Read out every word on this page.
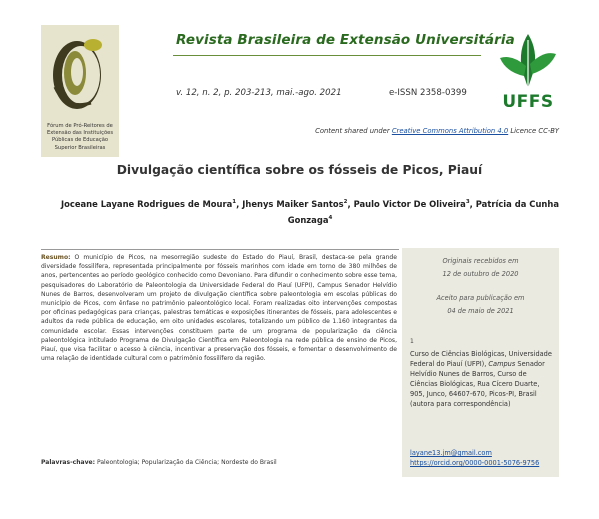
Fórum de Pró-Reitores de Extensão das Instituições Públicas de Educação Superior Brasileiras
Revista Brasileira de Extensão Universitária
v. 12, n. 2, p. 203-213, mai.-ago. 2021	e-ISSN 2358-0399	UFFS
Content shared under Creative Commons Attribution 4.0 Licence CC-BY
Divulgação científica sobre os fósseis de Picos, Piauí
Joceane Layane Rodrigues de Moura$^1$, Jhenys Maiker Santos$^2$, Paulo Victor De Oliveira$^3$, Patrícia da Cunha Gonzaga$^4$
Resumo: O município de Picos, na mesorregião sudeste do Estado do Piauí, Brasil, destaca-se pela grande diversidade fossilífera, representada principalmente por fósseis marinhos com idade em torno de 380 milhões de anos, pertencentes ao período geológico conhecido como Devoniano. Para difundir o conhecimento sobre esse tema, pesquisadores do Laboratório de Paleontologia da Universidade Federal do Piauí (UFPI), Campus Senador Helvídio Nunes de Barros, desenvolveram um projeto de divulgação científica sobre paleontologia em escolas públicas do município de Picos, com ênfase no patrimônio paleontológico local. Foram realizadas oito intervenções compostas por oficinas pedagógicas para crianças, palestras temáticas e exposições itinerantes de fósseis, para adolescentes e adultos da rede pública de educação, em oito unidades escolares, totalizando um público de 1.160 integrantes da comunidade escolar. Essas intervenções constituem parte de um programa de popularização da ciência paleontológica intitulado Programa de Divulgação Científica em Paleontologia na rede pública de ensino de Picos, Piauí, que visa facilitar o acesso à ciência, incentivar a preservação dos fósseis, e fomentar o desenvolvimento de uma relação de identidade cultural com o patrimônio fossilífero da região.
Palavras-chave: Paleontologia; Popularização da Ciência; Nordeste do Brasil
Originais recebidos em
12 de outubro de 2020
Aceito para publicação em
04 de maio de 2021
1
Curso de Ciências Biológicas, Universidade Federal do Piauí (UFPI), Campus Senador Helvídio Nunes de Barros, Curso de Ciências Biológicas, Rua Cícero Duarte, 905, Junco, 64607-670, Picos-PI, Brasil
(autora para correspondência)
layane13.jm@gmail.com
https://orcid.org/0000-0001-5076-9756
